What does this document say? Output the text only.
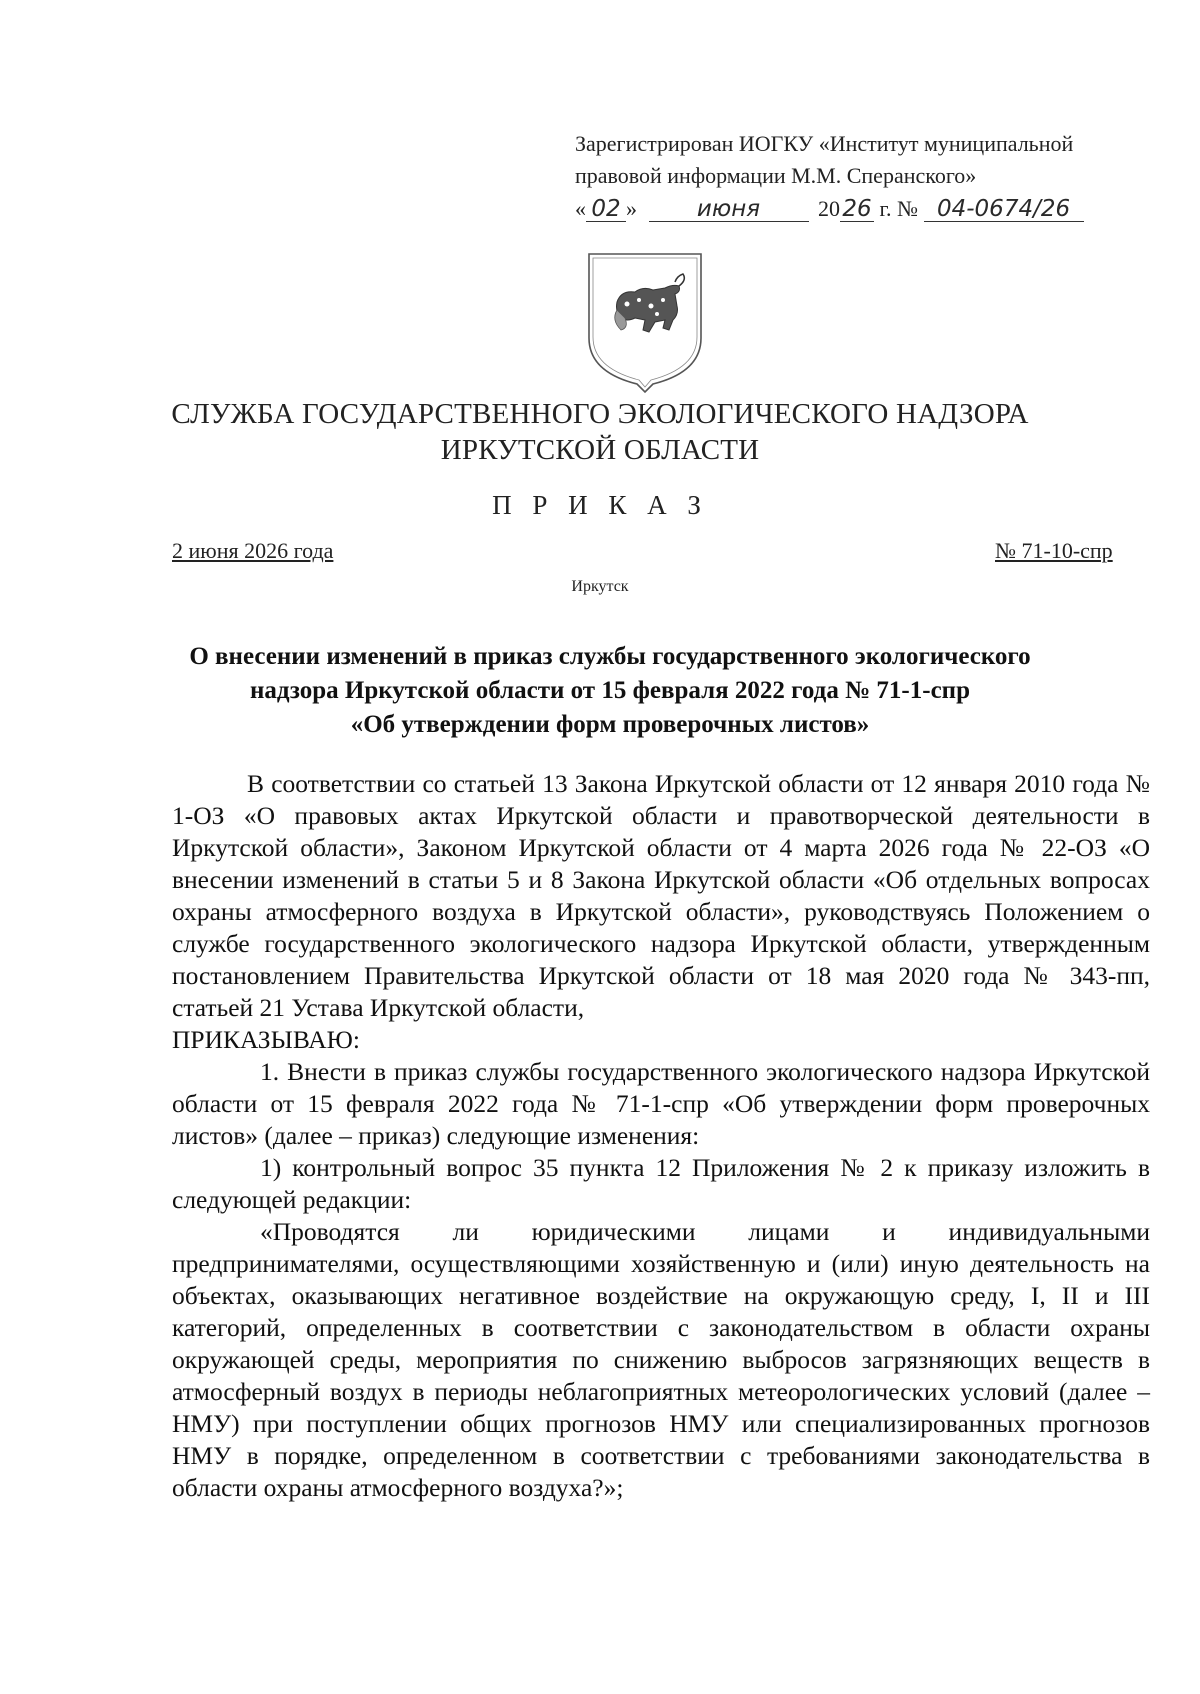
Зарегистрирован ИОГКУ «Институт муниципальной
правовой информации М.М. Сперанского»
« 02 »	июня	20 26 г. № 04-0674/26
СЛУЖБА ГОСУДАРСТВЕННОГО ЭКОЛОГИЧЕСКОГО НАДЗОРА
ИРКУТСКОЙ ОБЛАСТИ
П Р И К А З
2 июня 2026 года	№ 71-10-спр
Иркутск
О внесении изменений в приказ службы государственного экологического
надзора Иркутской области от 15 февраля 2022 года № 71-1-спр
«Об утверждении форм проверочных листов»

В соответствии со статьей 13 Закона Иркутской области от 12 января 2010 года № 1-ОЗ «О правовых актах Иркутской области и правотворческой деятельности в Иркутской области», Законом Иркутской области от 4 марта 2026 года № 22-ОЗ «О внесении изменений в статьи 5 и 8 Закона Иркутской области «Об отдельных вопросах охраны атмосферного воздуха в Иркутской области», руководствуясь Положением о службе государственного экологического надзора Иркутской области, утвержденным постановлением Правительства Иркутской области от 18 мая 2020 года № 343-пп, статьей 21 Устава Иркутской области,

ПРИКАЗЫВАЮ:

1. Внести в приказ службы государственного экологического надзора Иркутской области от 15 февраля 2022 года № 71-1-спр «Об утверждении форм проверочных листов» (далее – приказ) следующие изменения:

1) контрольный вопрос 35 пункта 12 Приложения № 2 к приказу изложить в следующей редакции:

«Проводятся ли юридическими лицами и индивидуальными предпринимателями, осуществляющими хозяйственную и (или) иную деятельность на объектах, оказывающих негативное воздействие на окружающую среду, I, II и III категорий, определенных в соответствии с законодательством в области охраны окружающей среды, мероприятия по снижению выбросов загрязняющих веществ в атмосферный воздух в периоды неблагоприятных метеорологических условий (далее – НМУ) при поступлении общих прогнозов НМУ или специализированных прогнозов НМУ в порядке, определенном в соответствии с требованиями законодательства в области охраны атмосферного воздуха?»;
